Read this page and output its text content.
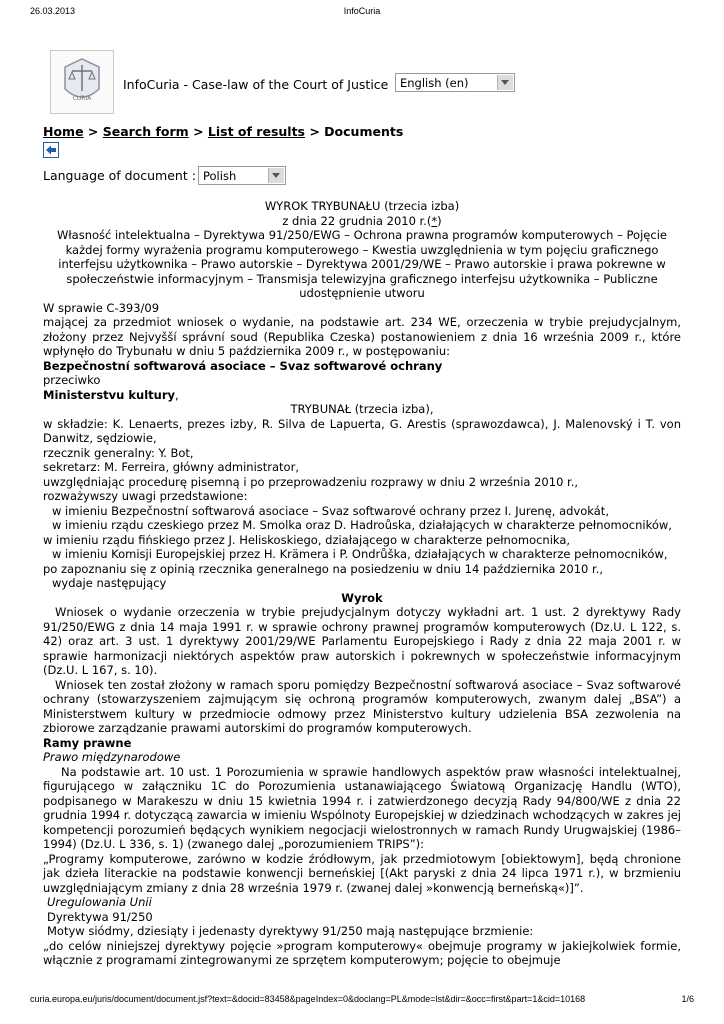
26.03.2013	InfoCuria
CURIA
InfoCuria - Case-law of the Court of Justice English (en)
Home > Search form > List of results > Documents
Language of document : Polish

WYROK TRYBUNAŁU (trzecia izba)

z dnia 22 grudnia 2010 r.(*)

Własność intelektualna – Dyrektywa 91/250/EWG – Ochrona prawna programów komputerowych – Pojęcie każdej formy wyrażenia programu komputerowego – Kwestia uwzględnienia w tym pojęciu graficznego interfejsu użytkownika – Prawo autorskie – Dyrektywa 2001/29/WE – Prawo autorskie i prawa pokrewne w społeczeństwie informacyjnym – Transmisja telewizyjna graficznego interfejsu użytkownika – Publiczne udostępnienie utworu

W sprawie C-393/09

mającej za przedmiot wniosek o wydanie, na podstawie art. 234 WE, orzeczenia w trybie prejudycjalnym, złożony przez Nejvyšší správní soud (Republika Czeska) postanowieniem z dnia 16 września 2009 r., które wpłynęło do Trybunału w dniu 5 października 2009 r., w postępowaniu:

Bezpečnostní softwarová asociace – Svaz softwarové ochrany

przeciwko

Ministerstvu kultury,

TRYBUNAŁ (trzecia izba),

w składzie: K. Lenaerts, prezes izby, R. Silva de Lapuerta, G. Arestis (sprawozdawca), J. Malenovský i T. von Danwitz, sędziowie,

rzecznik generalny: Y. Bot,

sekretarz: M. Ferreira, główny administrator,

uwzględniając procedurę pisemną i po przeprowadzeniu rozprawy w dniu 2 września 2010 r.,

rozważywszy uwagi przedstawione:

w imieniu Bezpečnostní softwarová asociace – Svaz softwarové ochrany przez I. Jurenę, advokát,

w imieniu rządu czeskiego przez M. Smolka oraz D. Hadroůska, działających w charakterze pełnomocników,

w imieniu rządu fińskiego przez J. Heliskoskiego, działającego w charakterze pełnomocnika,

w imieniu Komisji Europejskiej przez H. Krämera i P. Ondrůška, działających w charakterze pełnomocników,

po zapoznaniu się z opinią rzecznika generalnego na posiedzeniu w dniu 14 października 2010 r.,

wydaje następujący

Wyrok

Wniosek o wydanie orzeczenia w trybie prejudycjalnym dotyczy wykładni art. 1 ust. 2 dyrektywy Rady 91/250/EWG z dnia 14 maja 1991 r. w sprawie ochrony prawnej programów komputerowych (Dz.U. L 122, s. 42) oraz art. 3 ust. 1 dyrektywy 2001/29/WE Parlamentu Europejskiego i Rady z dnia 22 maja 2001 r. w sprawie harmonizacji niektórych aspektów praw autorskich i pokrewnych w społeczeństwie informacyjnym (Dz.U. L 167, s. 10).

Wniosek ten został złożony w ramach sporu pomiędzy Bezpečnostní softwarová asociace – Svaz softwarové ochrany (stowarzyszeniem zajmującym się ochroną programów komputerowych, zwanym dalej „BSA”) a Ministerstwem kultury w przedmiocie odmowy przez Ministerstvo kultury udzielenia BSA zezwolenia na zbiorowe zarządzanie prawami autorskimi do programów komputerowych.

Ramy prawne

Prawo międzynarodowe

Na podstawie art. 10 ust. 1 Porozumienia w sprawie handlowych aspektów praw własności intelektualnej, figurującego w załączniku 1C do Porozumienia ustanawiającego Światową Organizację Handlu (WTO), podpisanego w Marakeszu w dniu 15 kwietnia 1994 r. i zatwierdzonego decyzją Rady 94/800/WE z dnia 22 grudnia 1994 r. dotyczącą zawarcia w imieniu Wspólnoty Europejskiej w dziedzinach wchodzących w zakres jej kompetencji porozumień będących wynikiem negocjacji wielostronnych w ramach Rundy Urugwajskiej (1986–1994) (Dz.U. L 336, s. 1) (zwanego dalej „porozumieniem TRIPS”):

„Programy komputerowe, zarówno w kodzie źródłowym, jak przedmiotowym [obiektowym], będą chronione jak dzieła literackie na podstawie konwencji berneńskiej [(Akt paryski z dnia 24 lipca 1971 r.), w brzmieniu uwzględniającym zmiany z dnia 28 września 1979 r. (zwanej dalej »konwencją berneńską«)]”.

Uregulowania Unii

Dyrektywa 91/250

Motyw siódmy, dziesiąty i jedenasty dyrektywy 91/250 mają następujące brzmienie:

„do celów niniejszej dyrektywy pojęcie »program komputerowy« obejmuje programy w jakiejkolwiek formie, włącznie z programami zintegrowanymi ze sprzętem komputerowym; pojęcie to obejmuje

curia.europa.eu/juris/document/document.jsf?text=&docid=83458&pageIndex=0&doclang=PL&mode=lst&dir=&occ=first&part=1&cid=10168	1/6
